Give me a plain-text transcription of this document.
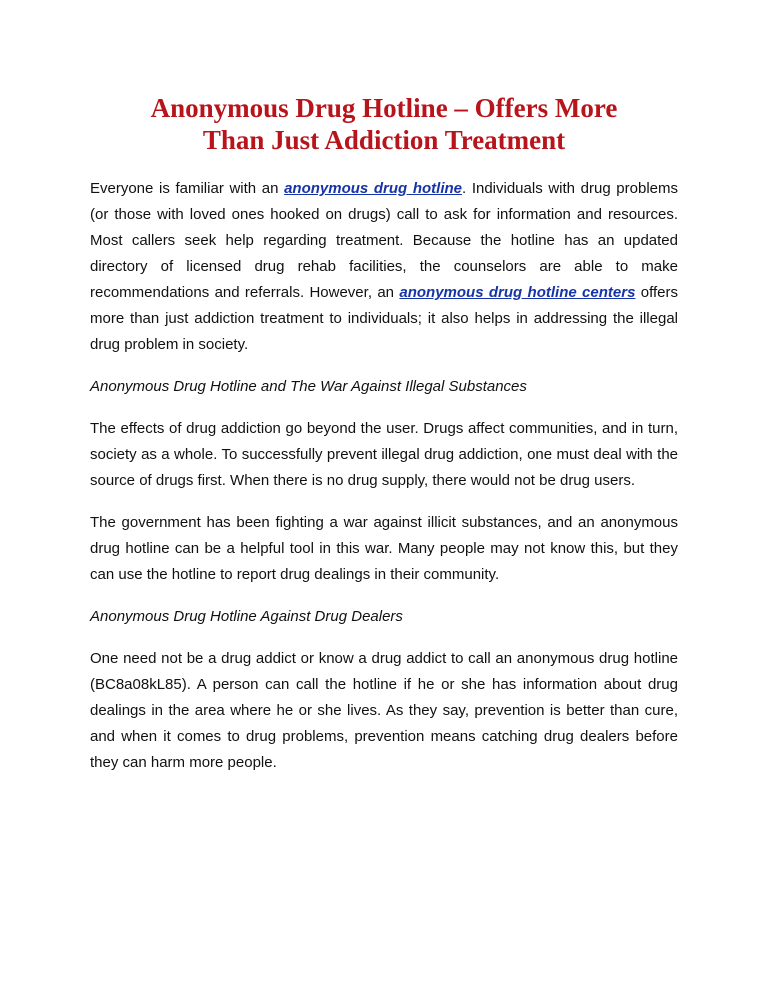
Anonymous Drug Hotline – Offers More
Than Just Addiction Treatment

Everyone is familiar with an anonymous drug hotline. Individuals with drug problems (or those with loved ones hooked on drugs) call to ask for information and resources. Most callers seek help regarding treatment. Because the hotline has an updated directory of licensed drug rehab facilities, the counselors are able to make recommendations and referrals. However, an anonymous drug hotline centers offers more than just addiction treatment to individuals; it also helps in addressing the illegal drug problem in society.

Anonymous Drug Hotline and The War Against Illegal Substances

The effects of drug addiction go beyond the user. Drugs affect communities, and in turn, society as a whole. To successfully prevent illegal drug addiction, one must deal with the source of drugs first. When there is no drug supply, there would not be drug users.

The government has been fighting a war against illicit substances, and an anonymous drug hotline can be a helpful tool in this war. Many people may not know this, but they can use the hotline to report drug dealings in their community.

Anonymous Drug Hotline Against Drug Dealers

One need not be a drug addict or know a drug addict to call an anonymous drug hotline (BC8a08kL85). A person can call the hotline if he or she has information about drug dealings in the area where he or she lives. As they say, prevention is better than cure, and when it comes to drug problems, prevention means catching drug dealers before they can harm more people.
